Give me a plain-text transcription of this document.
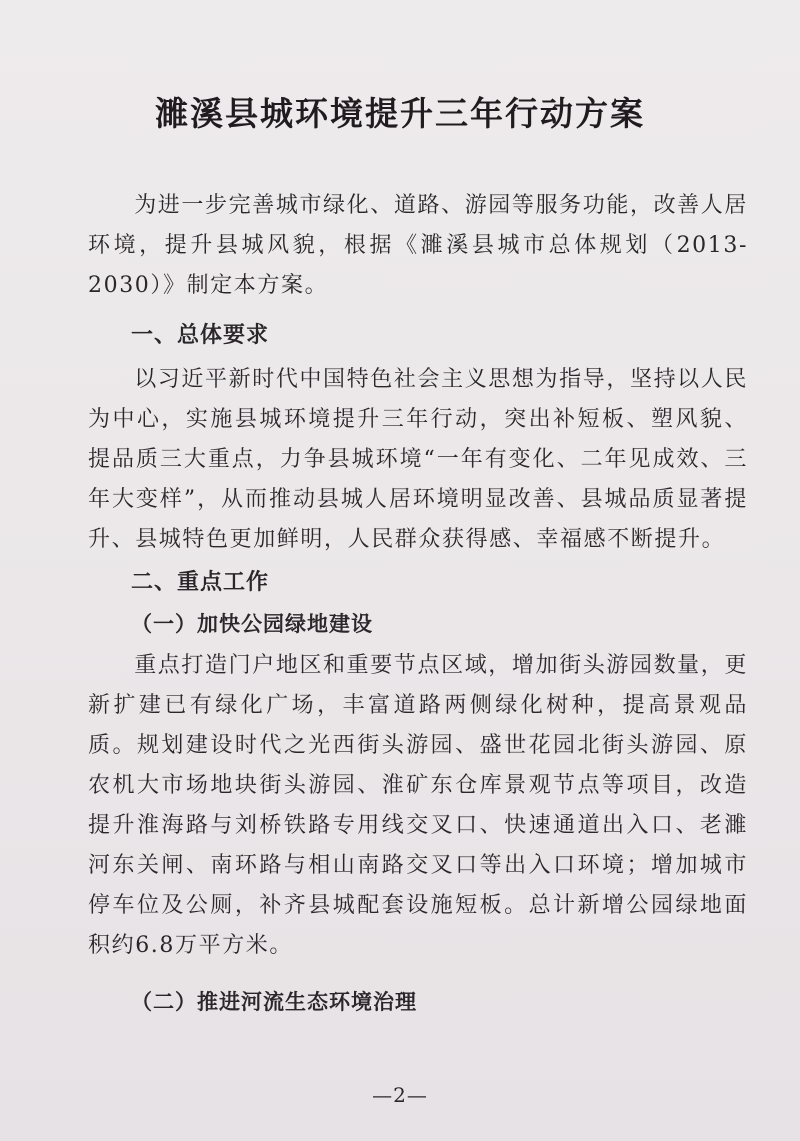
濉溪县城环境提升三年行动方案

为进一步完善城市绿化、道路、游园等服务功能，改善人居环境，提升县城风貌，根据《濉溪县城市总体规划（2013-2030）》制定本方案。

一、总体要求

以习近平新时代中国特色社会主义思想为指导，坚持以人民为中心，实施县城环境提升三年行动，突出补短板、塑风貌、提品质三大重点，力争县城环境“一年有变化、二年见成效、三年大变样”，从而推动县城人居环境明显改善、县城品质显著提升、县城特色更加鲜明，人民群众获得感、幸福感不断提升。

二、重点工作
（一）加快公园绿地建设

重点打造门户地区和重要节点区域，增加街头游园数量，更新扩建已有绿化广场，丰富道路两侧绿化树种，提高景观品质。规划建设时代之光西街头游园、盛世花园北街头游园、原农机大市场地块街头游园、淮矿东仓库景观节点等项目，改造提升淮海路与刘桥铁路专用线交叉口、快速通道出入口、老濉河东关闸、南环路与相山南路交叉口等出入口环境；增加城市停车位及公厕，补齐县城配套设施短板。总计新增公园绿地面积约6.8万平方米。

（二）推进河流生态环境治理
—2—
